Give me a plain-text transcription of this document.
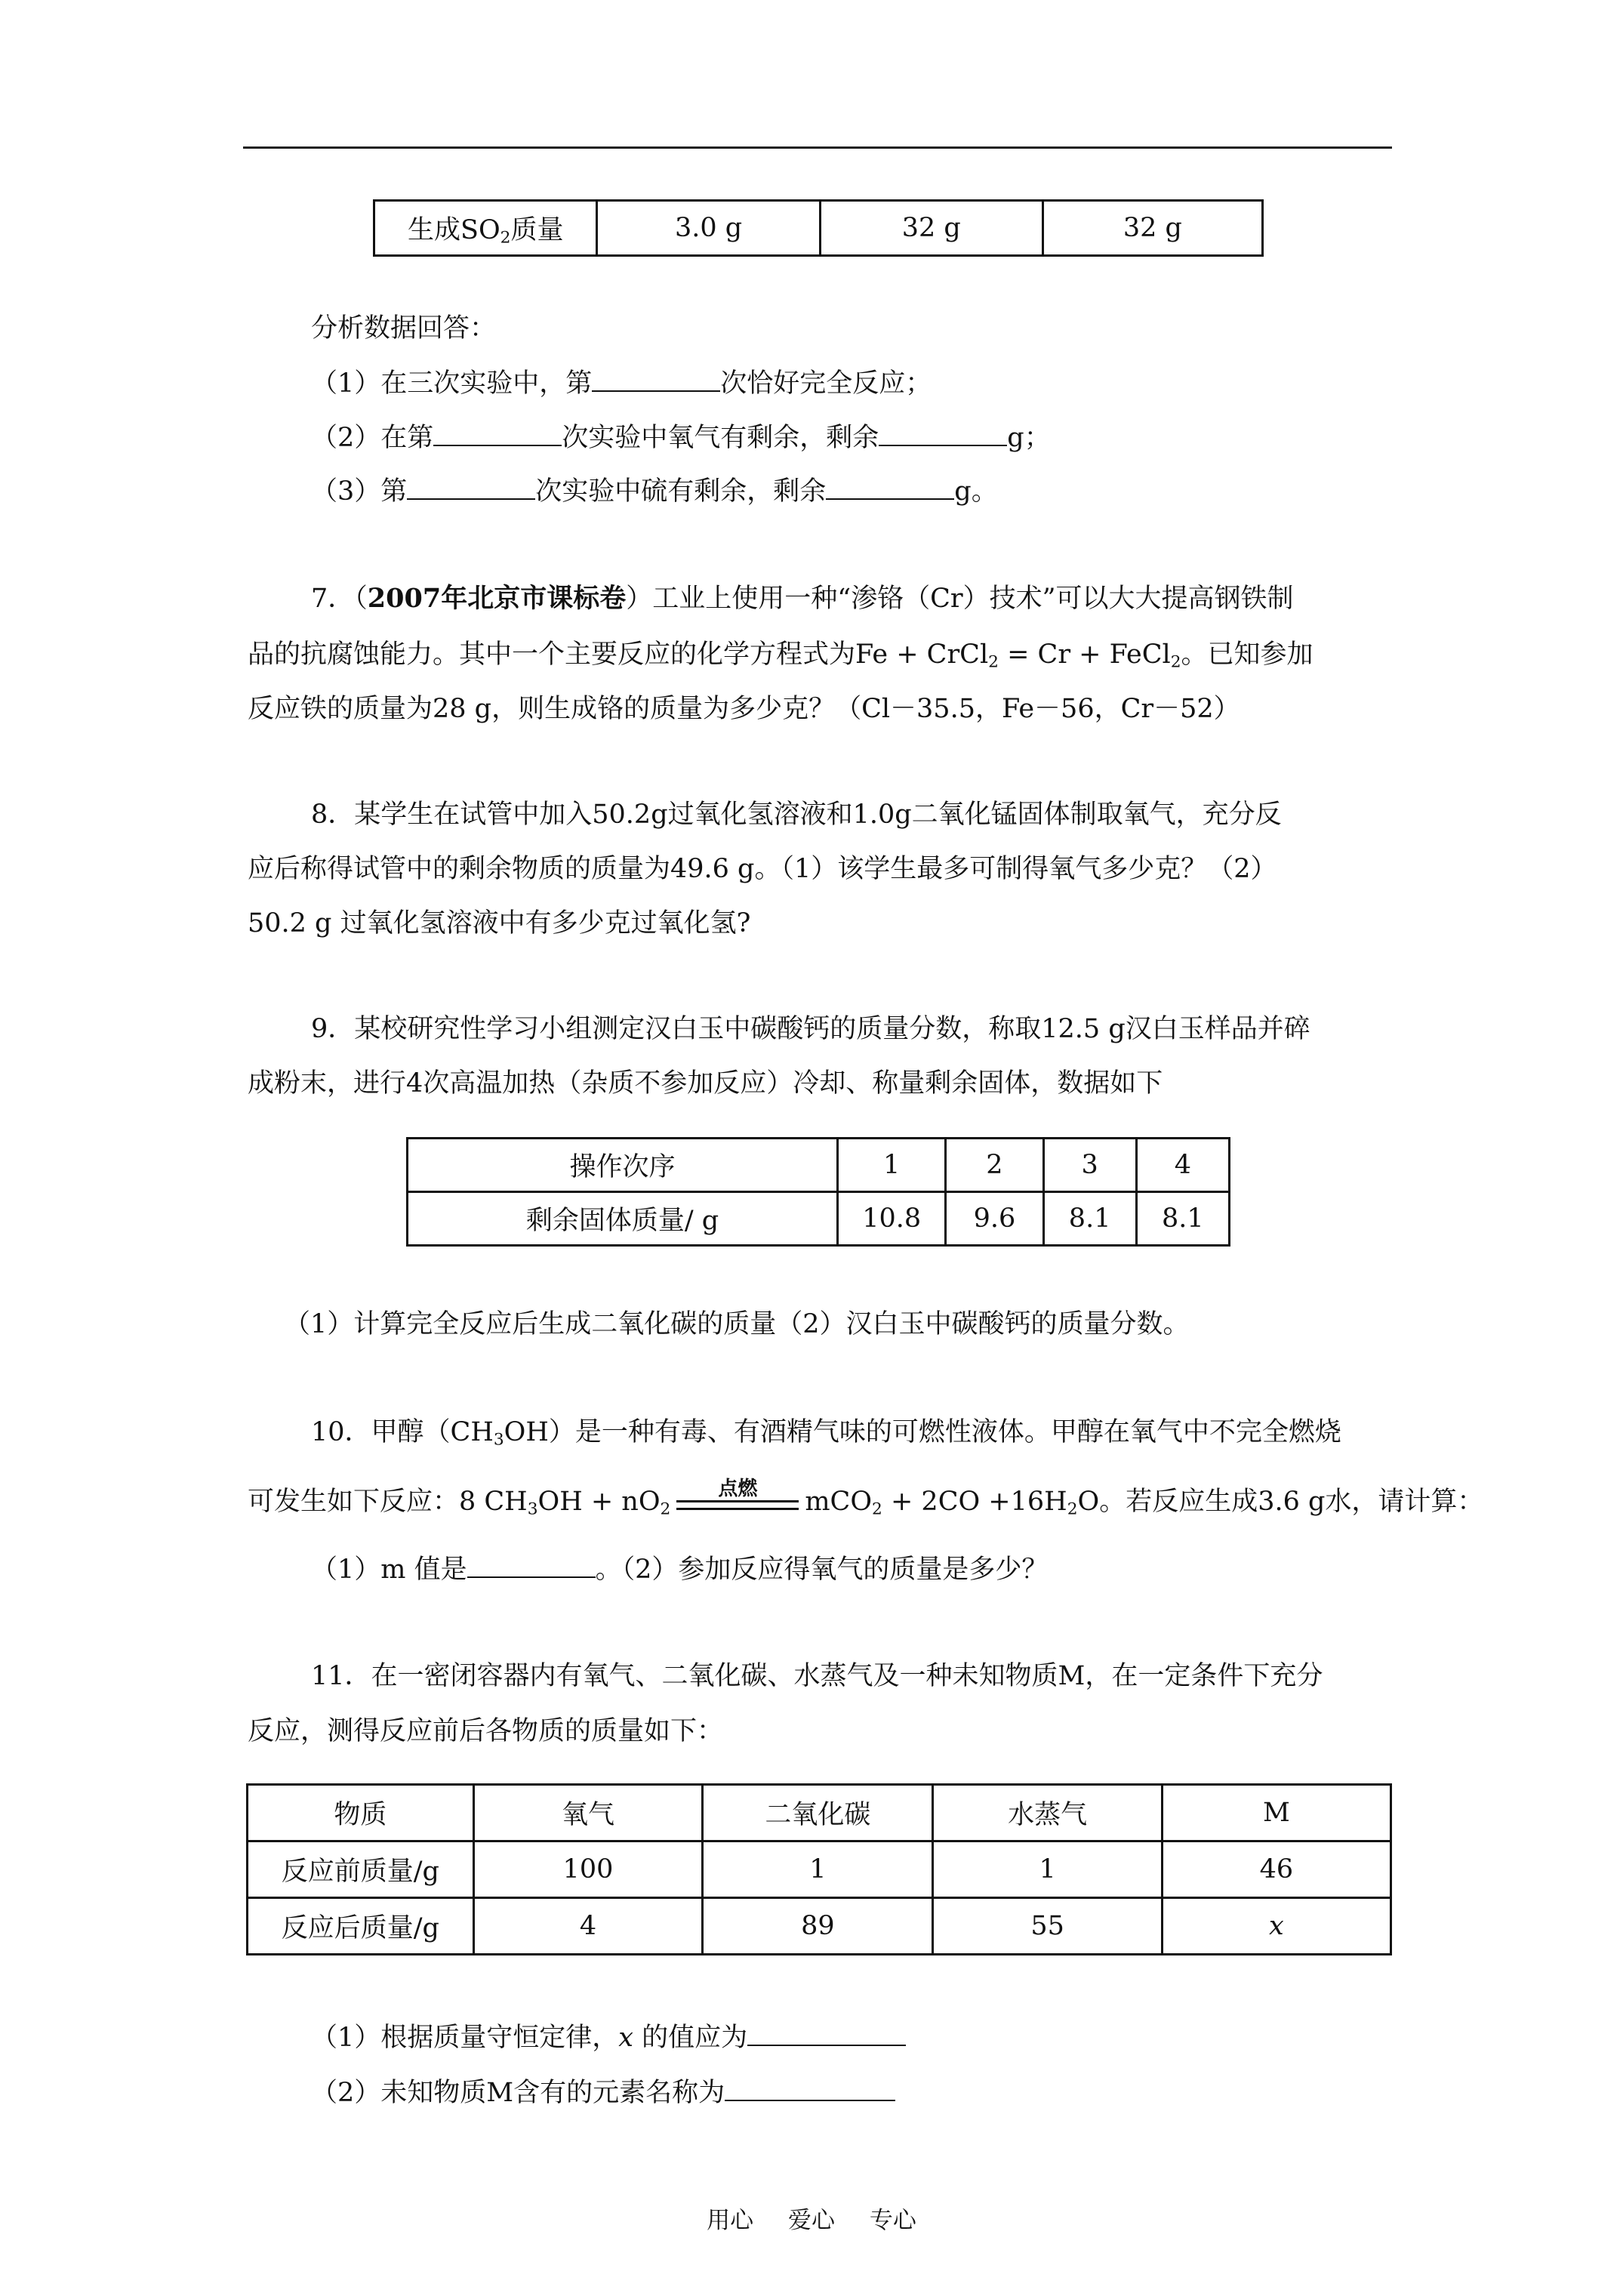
生成$SO_2$质量	3.0 g	32 g	32 g
分析数据回答：
（1）在三次实验中，第	次恰好完全反应；
（2）在第	次实验中氧气有剩余，剩余	g；
（3）第	次实验中硫有剩余，剩余	g。
7．（2007年北京市课标卷）工业上使用一种“渗铬（Cr）技术”可以大大提高钢铁制
品的抗腐蚀能力。其中一个主要反应的化学方程式为Fe + CrCl$_2$ = Cr + FeCl$_2$。已知参加
反应铁的质量为28 g，则生成铬的质量为多少克？（Cl－35.5，Fe－56，Cr－52）
8．某学生在试管中加入50.2g过氧化氢溶液和1.0g二氧化锰固体制取氧气，充分反
应后称得试管中的剩余物质的质量为49.6 g。（1）该学生最多可制得氧气多少克？（2）
50.2 g 过氧化氢溶液中有多少克过氧化氢?
9．某校研究性学习小组测定汉白玉中碳酸钙的质量分数，称取12.5 g汉白玉样品并碎
成粉末，进行4次高温加热（杂质不参加反应）冷却、称量剩余固体，数据如下
操作次序	1	2	3	4
剩余固体质量/ g	10.8	9.6	8.1	8.1
（1）计算完全反应后生成二氧化碳的质量（2）汉白玉中碳酸钙的质量分数。
10．甲醇$(CH_3OH)$是一种有毒、有酒精气味的可燃性液体。甲醇在氧气中不完全燃烧
可发生如下反应：8 $CH_3OH + nO_2$
点燃	$mCO_2 + 2CO +16H_2O$。若反应生成3.6 g水，请计算：
（1）m 值是	。（2）参加反应得氧气的质量是多少？
11．在一密闭容器内有氧气、二氧化碳、水蒸气及一种未知物质M，在一定条件下充分
反应，测得反应前后各物质的质量如下：
物质	氧气	二氧化碳	水蒸气	M
反应前质量/g	100	1	1	46
反应后质量/g	4	89	55	x
（1）根据质量守恒定律，x 的值应为
（2）未知物质M含有的元素名称为
用心 爱心 专心
